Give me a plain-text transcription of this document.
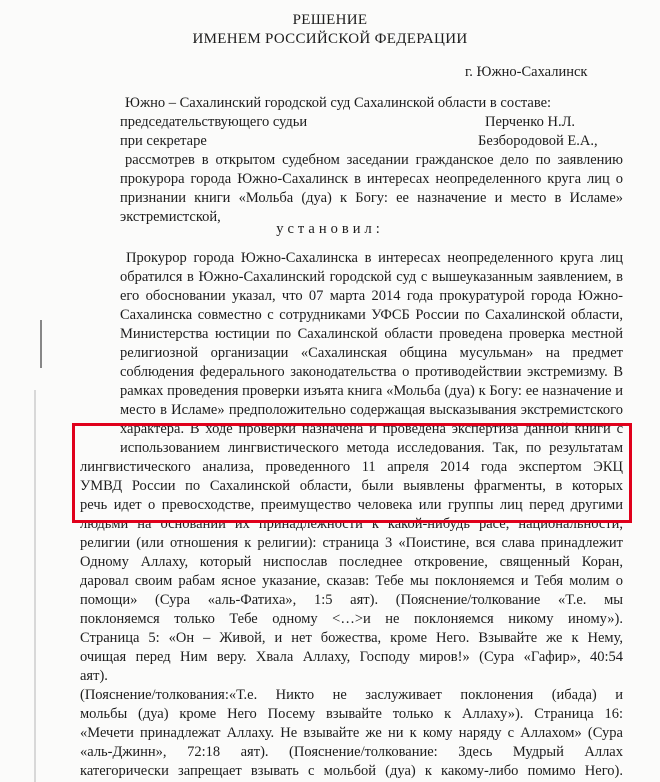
РЕШЕНИЕ
ИМЕНЕМ РОССИЙСКОЙ ФЕДЕРАЦИИ
г. Южно-Сахалинск
Южно – Сахалинский городской суд Сахалинской области в составе:
председательствующего судьи	Перченко Н.Л.
при секретаре	Безбородовой Е.А.,
рассмотрев в открытом судебном заседании гражданское дело по заявлению
прокурора города Южно-Сахалинск в интересах неопределенного круга лиц о
признании книги «Мольба (дуа) к Богу: ее назначение и место в Исламе»
экстремистской,
установил:
Прокурор города Южно-Сахалинска в интересах неопределенного круга лиц
обратился в Южно-Сахалинский городской суд с вышеуказанным заявлением, в
его обосновании указал, что 07 марта 2014 года прокуратурой города Южно-
Сахалинска совместно с сотрудниками УФСБ России по Сахалинской области,
Министерства юстиции по Сахалинской области проведена проверка местной
религиозной организации «Сахалинская община мусульман» на предмет
соблюдения федерального законодательства о противодействии экстремизму. В
рамках проведения проверки изъята книга «Мольба (дуа) к Богу: ее назначение и
место в Исламе» предположительно содержащая высказывания экстремистского
характера. В ходе проверки назначена и проведена экспертиза данной книги с
использованием лингвистического метода исследования. Так, по результатам
лингвистического анализа, проведенного 11 апреля 2014 года экспертом ЭКЦ
УМВД России по Сахалинской области, были выявлены фрагменты, в которых
речь идет о превосходстве, преимущество человека или группы лиц перед другими
людьми на основании их принадлежности к какой-нибудь расе, национальности,
религии (или отношения к религии): страница 3 «Поистине, вся слава принадлежит
Одному Аллаху, который ниспослав последнее откровение, священный Коран,
даровал своим рабам ясное указание, сказав: Тебе мы поклоняемся и Тебя молим о
помощи» (Сура «аль-Фатиха», 1:5 аят). (Пояснение/толкование «Т.е. мы
поклоняемся только Тебе одному <…>и не поклоняемся никому иному»).
Страница 5: «Он – Живой, и нет божества, кроме Него. Взывайте же к Нему,
очищая перед Ним веру. Хвала Аллаху, Господу миров!» (Сура «Гафир», 40:54
аят).
(Пояснение/толкования:«Т.е. Никто не заслуживает поклонения (ибада) и
мольбы (дуа) кроме Него Посему взывайте только к Аллаху»). Страница 16:
«Мечети принадлежат Аллаху. Не взывайте же ни к кому наряду с Аллахом» (Сура
«аль-Джинн», 72:18 аят). (Пояснение/толкование: Здесь Мудрый Аллах
категорически запрещает взывать с мольбой (дуа) к какому-либо помимо Него).
